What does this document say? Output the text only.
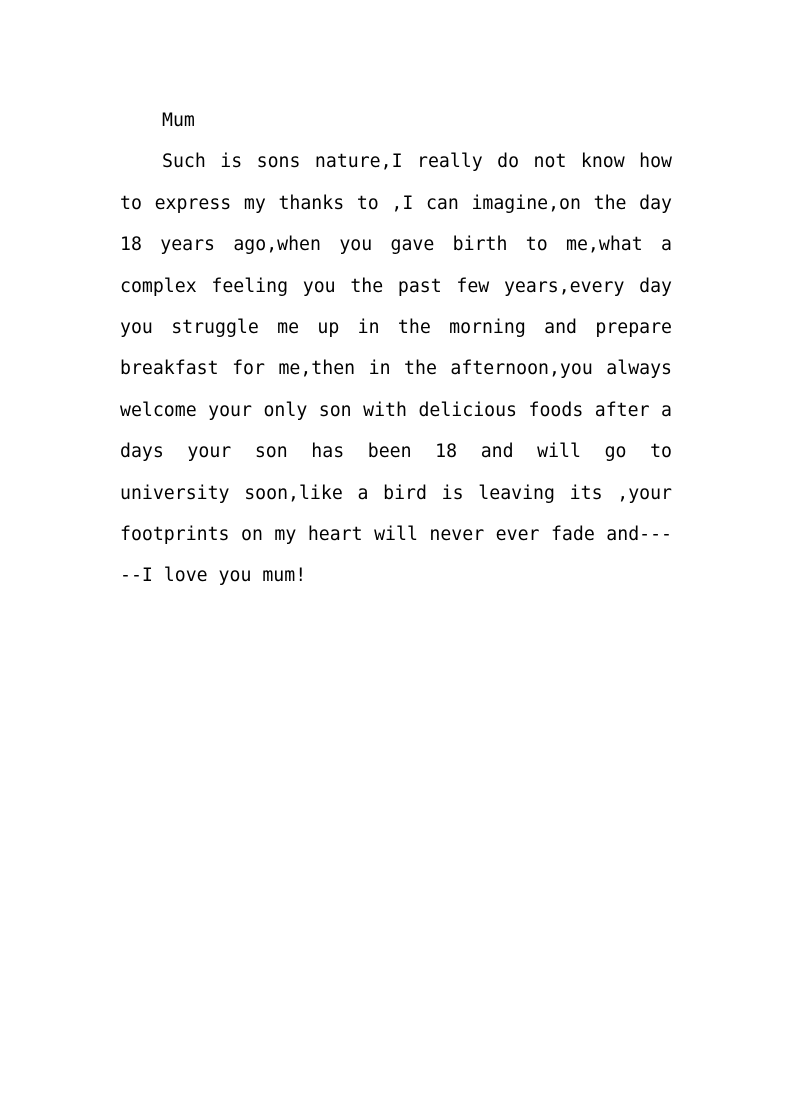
Mum

Such is sons nature,I really do not know how to express my thanks to ,I can imagine,on the day 18 years ago,when you gave birth to me,what a complex feeling you the past few years,every day you struggle me up in the morning and prepare breakfast for me,then in the afternoon,you always welcome your only son with delicious foods after a days your son has been 18 and will go to university soon,like a bird is leaving its ,your footprints on my heart will never ever fade and-----I love you mum!
